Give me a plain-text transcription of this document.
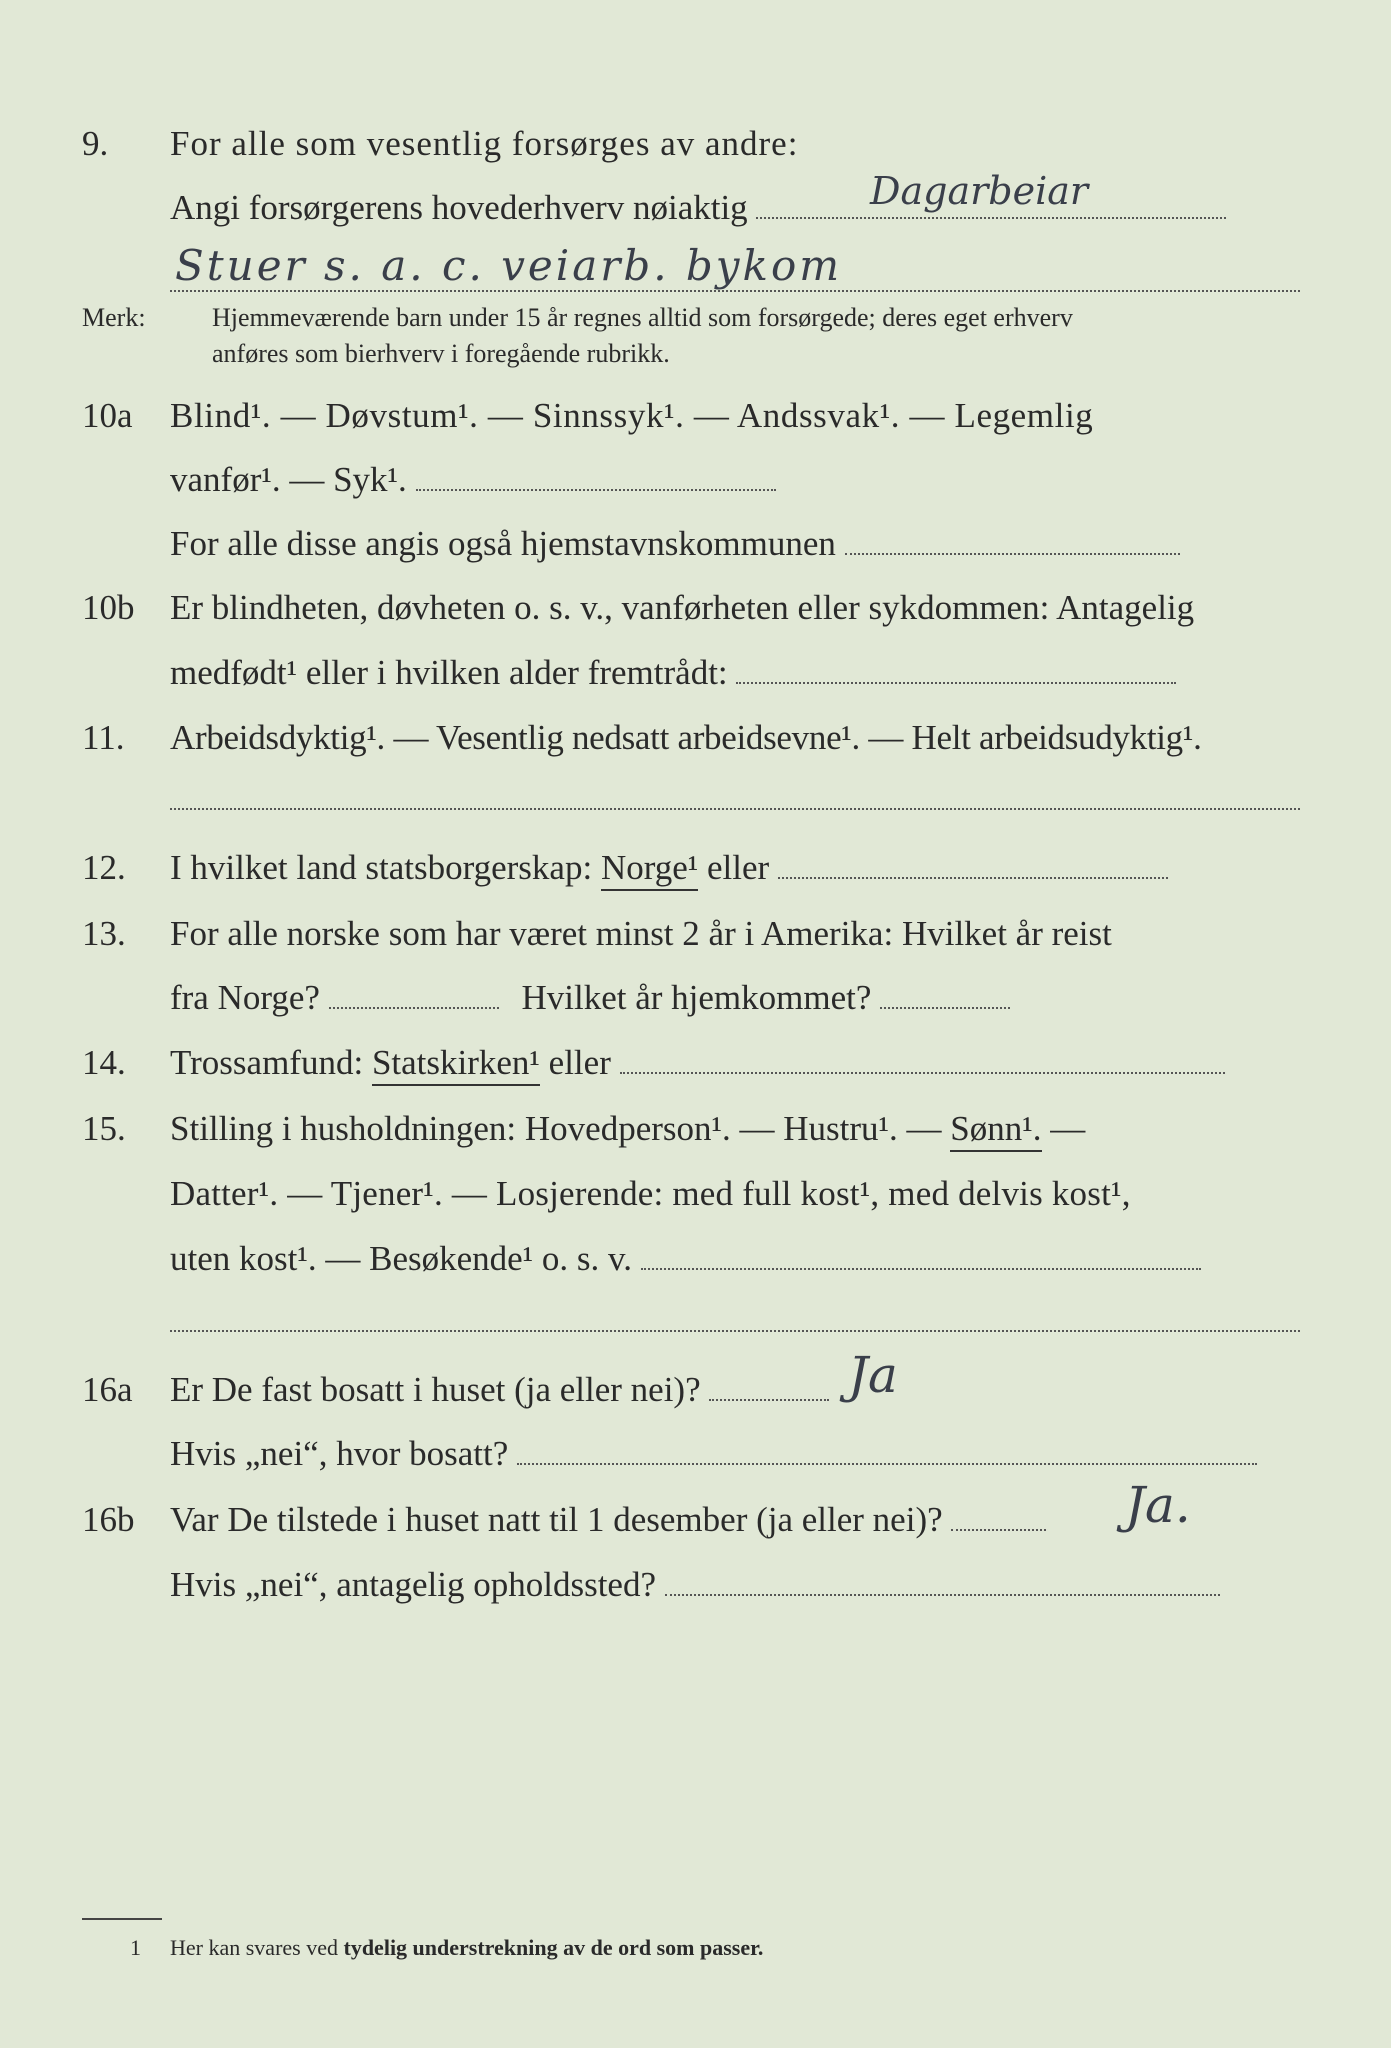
9. For alle som vesentlig forsørges av andre:
Angi forsørgerens hovederhverv nøiaktig	Dagarbeiar
Stuer s. a. c. veiarb. bykom
Merk:	Hjemmeværende barn under 15 år regnes alltid som forsørgede; deres eget erhverv
anføres som bierhverv i foregående rubrikk.
10a Blind¹. — Døvstum¹. — Sinnssyk¹. — Andssvak¹. — Legemlig
vanfør¹. — Syk¹.
For alle disse angis også hjemstavnskommunen
10b Er blindheten, døvheten o. s. v., vanførheten eller sykdommen: Antagelig
medfødt¹ eller i hvilken alder fremtrådt:
11. Arbeidsdyktig¹. — Vesentlig nedsatt arbeidsevne¹. — Helt arbeidsudyktig¹.
12. I hvilket land statsborgerskap: Norge¹ eller
13. For alle norske som har været minst 2 år i Amerika: Hvilket år reist
fra Norge?	Hvilket år hjemkommet?
14. Trossamfund: Statskirken¹ eller
15. Stilling i husholdningen: Hovedperson¹. — Hustru¹. — Sønn¹. —
Datter¹. — Tjener¹. — Losjerende: med full kost¹, med delvis kost¹,
uten kost¹. — Besøkende¹ o. s. v.
16a Er De fast bosatt i huset (ja eller nei)?	Ja
Hvis „nei“, hvor bosatt?
16b Var De tilstede i huset natt til 1 desember (ja eller nei)?	Ja.
Hvis „nei“, antagelig opholdssted?
1 Her kan svares ved tydelig understrekning av de ord som passer.
